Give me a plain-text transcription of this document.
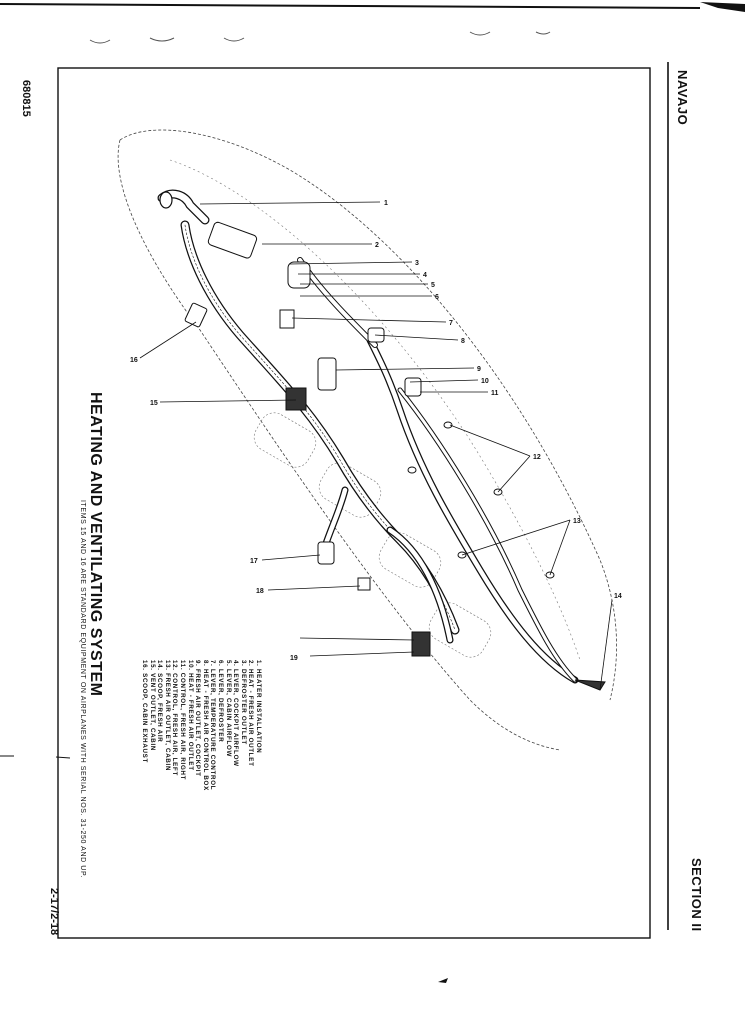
NAVAJO
SECTION II
680815
2-17/2-18
1
2
3
4
5
6
7
8
9
10
11
12
13
14
15
16
17
18
19
HEATING AND VENTILATING SYSTEM
ITEMS 15 AND 16 ARE STANDARD EQUIPMENT ON AIRPLANES WITH SERIAL NOS. 31-250 AND UP.	1. HEATER INSTALLATION
2. HEAT - FRESH AIR OUTLET
3. DEFROSTER OUTLET
4. LEVER, COCKPIT AIRFLOW
5. LEVER, CABIN AIRFLOW
6. LEVER, DEFROSTER
7. LEVER, TEMPERATURE CONTROL
8. HEAT - FRESH AIR CONTROL BOX
9. FRESH AIR OUTLET, COCKPIT
10. HEAT - FRESH AIR OUTLET
11. CONTROL, FRESH AIR, RIGHT
12. CONTROL, FRESH AIR, LEFT
13. FRESH AIR OUTLET, CABIN
14. SCOOP, FRESH AIR
15. VENT OUTLET, CABIN
16. SCOOP, CABIN EXHAUST
